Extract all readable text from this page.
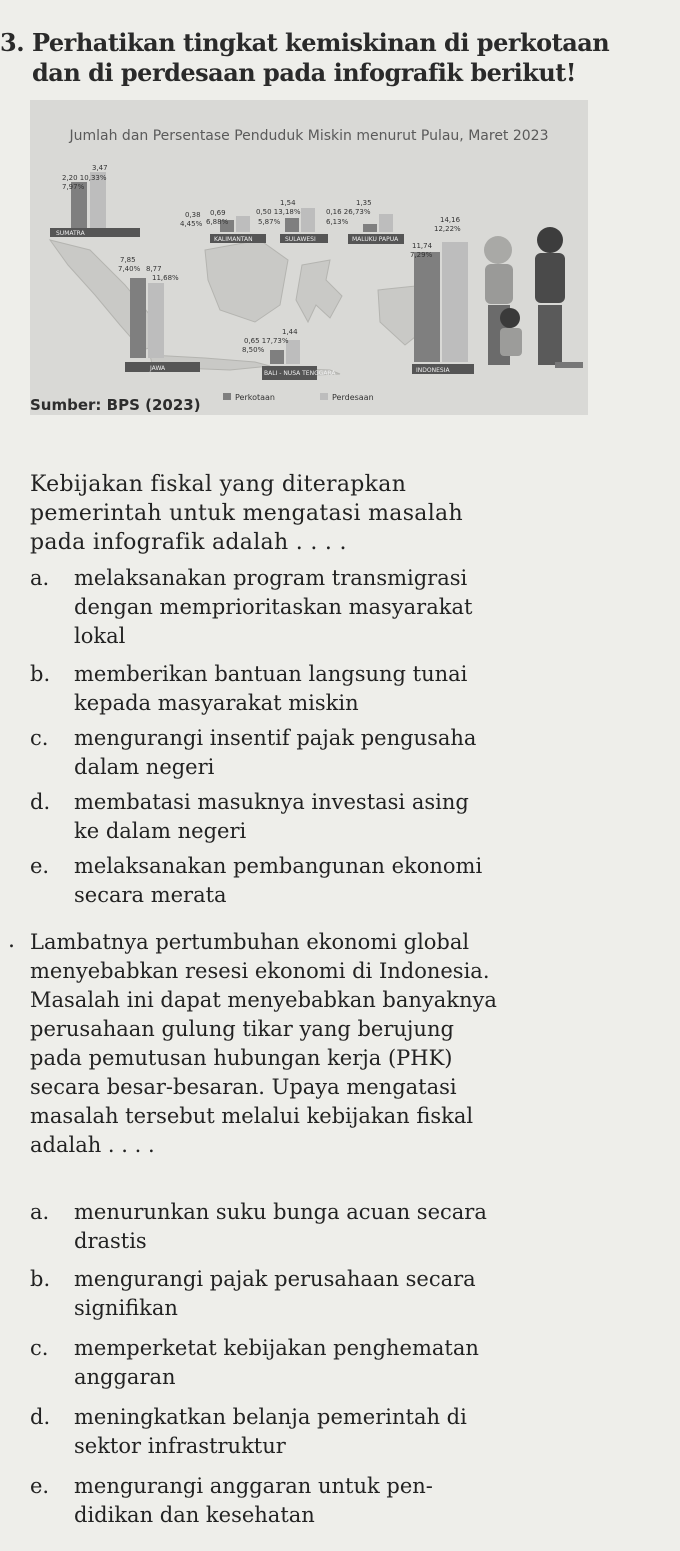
3. Perhatikan tingkat kemiskinan di perkotaan
dan di perdesaan pada infografik berikut!
Jumlah dan Persentase Penduduk Miskin menurut Pulau, Maret 2023
SUMATRA
KALIMANTAN	SULAWESI	MALUKU PAPUA
JAWA
BALI - NUSA TENGGARA	INDONESIA
3,47
2,20 10,33%
7,97%
0,38
4,45%
0,69
6,88%
1,54
0,50 13,18%
5,87%
1,35
0,16 26,73%
6,13%	14,16
12,22%
11,74
7,29%
7,85
7,40% 8,77
11,68%
1,44
0,65 17,73%
8,50%
Perkotaan	Perdesaan
Sumber: BPS (2023)
Kebijakan fiskal yang diterapkan
pemerintah untuk mengatasi masalah
pada infografik adalah . . . .
a. melaksanakan program transmigrasi
dengan memprioritaskan masyarakat
lokal
b. memberikan bantuan langsung tunai
kepada masyarakat miskin
c. mengurangi insentif pajak pengusaha
dalam negeri
d. membatasi masuknya investasi asing
ke dalam negeri
e. melaksanakan pembangunan ekonomi
secara merata
. Lambatnya pertumbuhan ekonomi global
menyebabkan resesi ekonomi di Indonesia.
Masalah ini dapat menyebabkan banyaknya
perusahaan gulung tikar yang berujung
pada pemutusan hubungan kerja (PHK)
secara besar-besaran. Upaya mengatasi
masalah tersebut melalui kebijakan fiskal
adalah . . . .
a. menurunkan suku bunga acuan secara
drastis
b. mengurangi pajak perusahaan secara
signifikan
c. memperketat kebijakan penghematan
anggaran
d. meningkatkan belanja pemerintah di
sektor infrastruktur
e. mengurangi anggaran untuk pen-
didikan dan kesehatan
